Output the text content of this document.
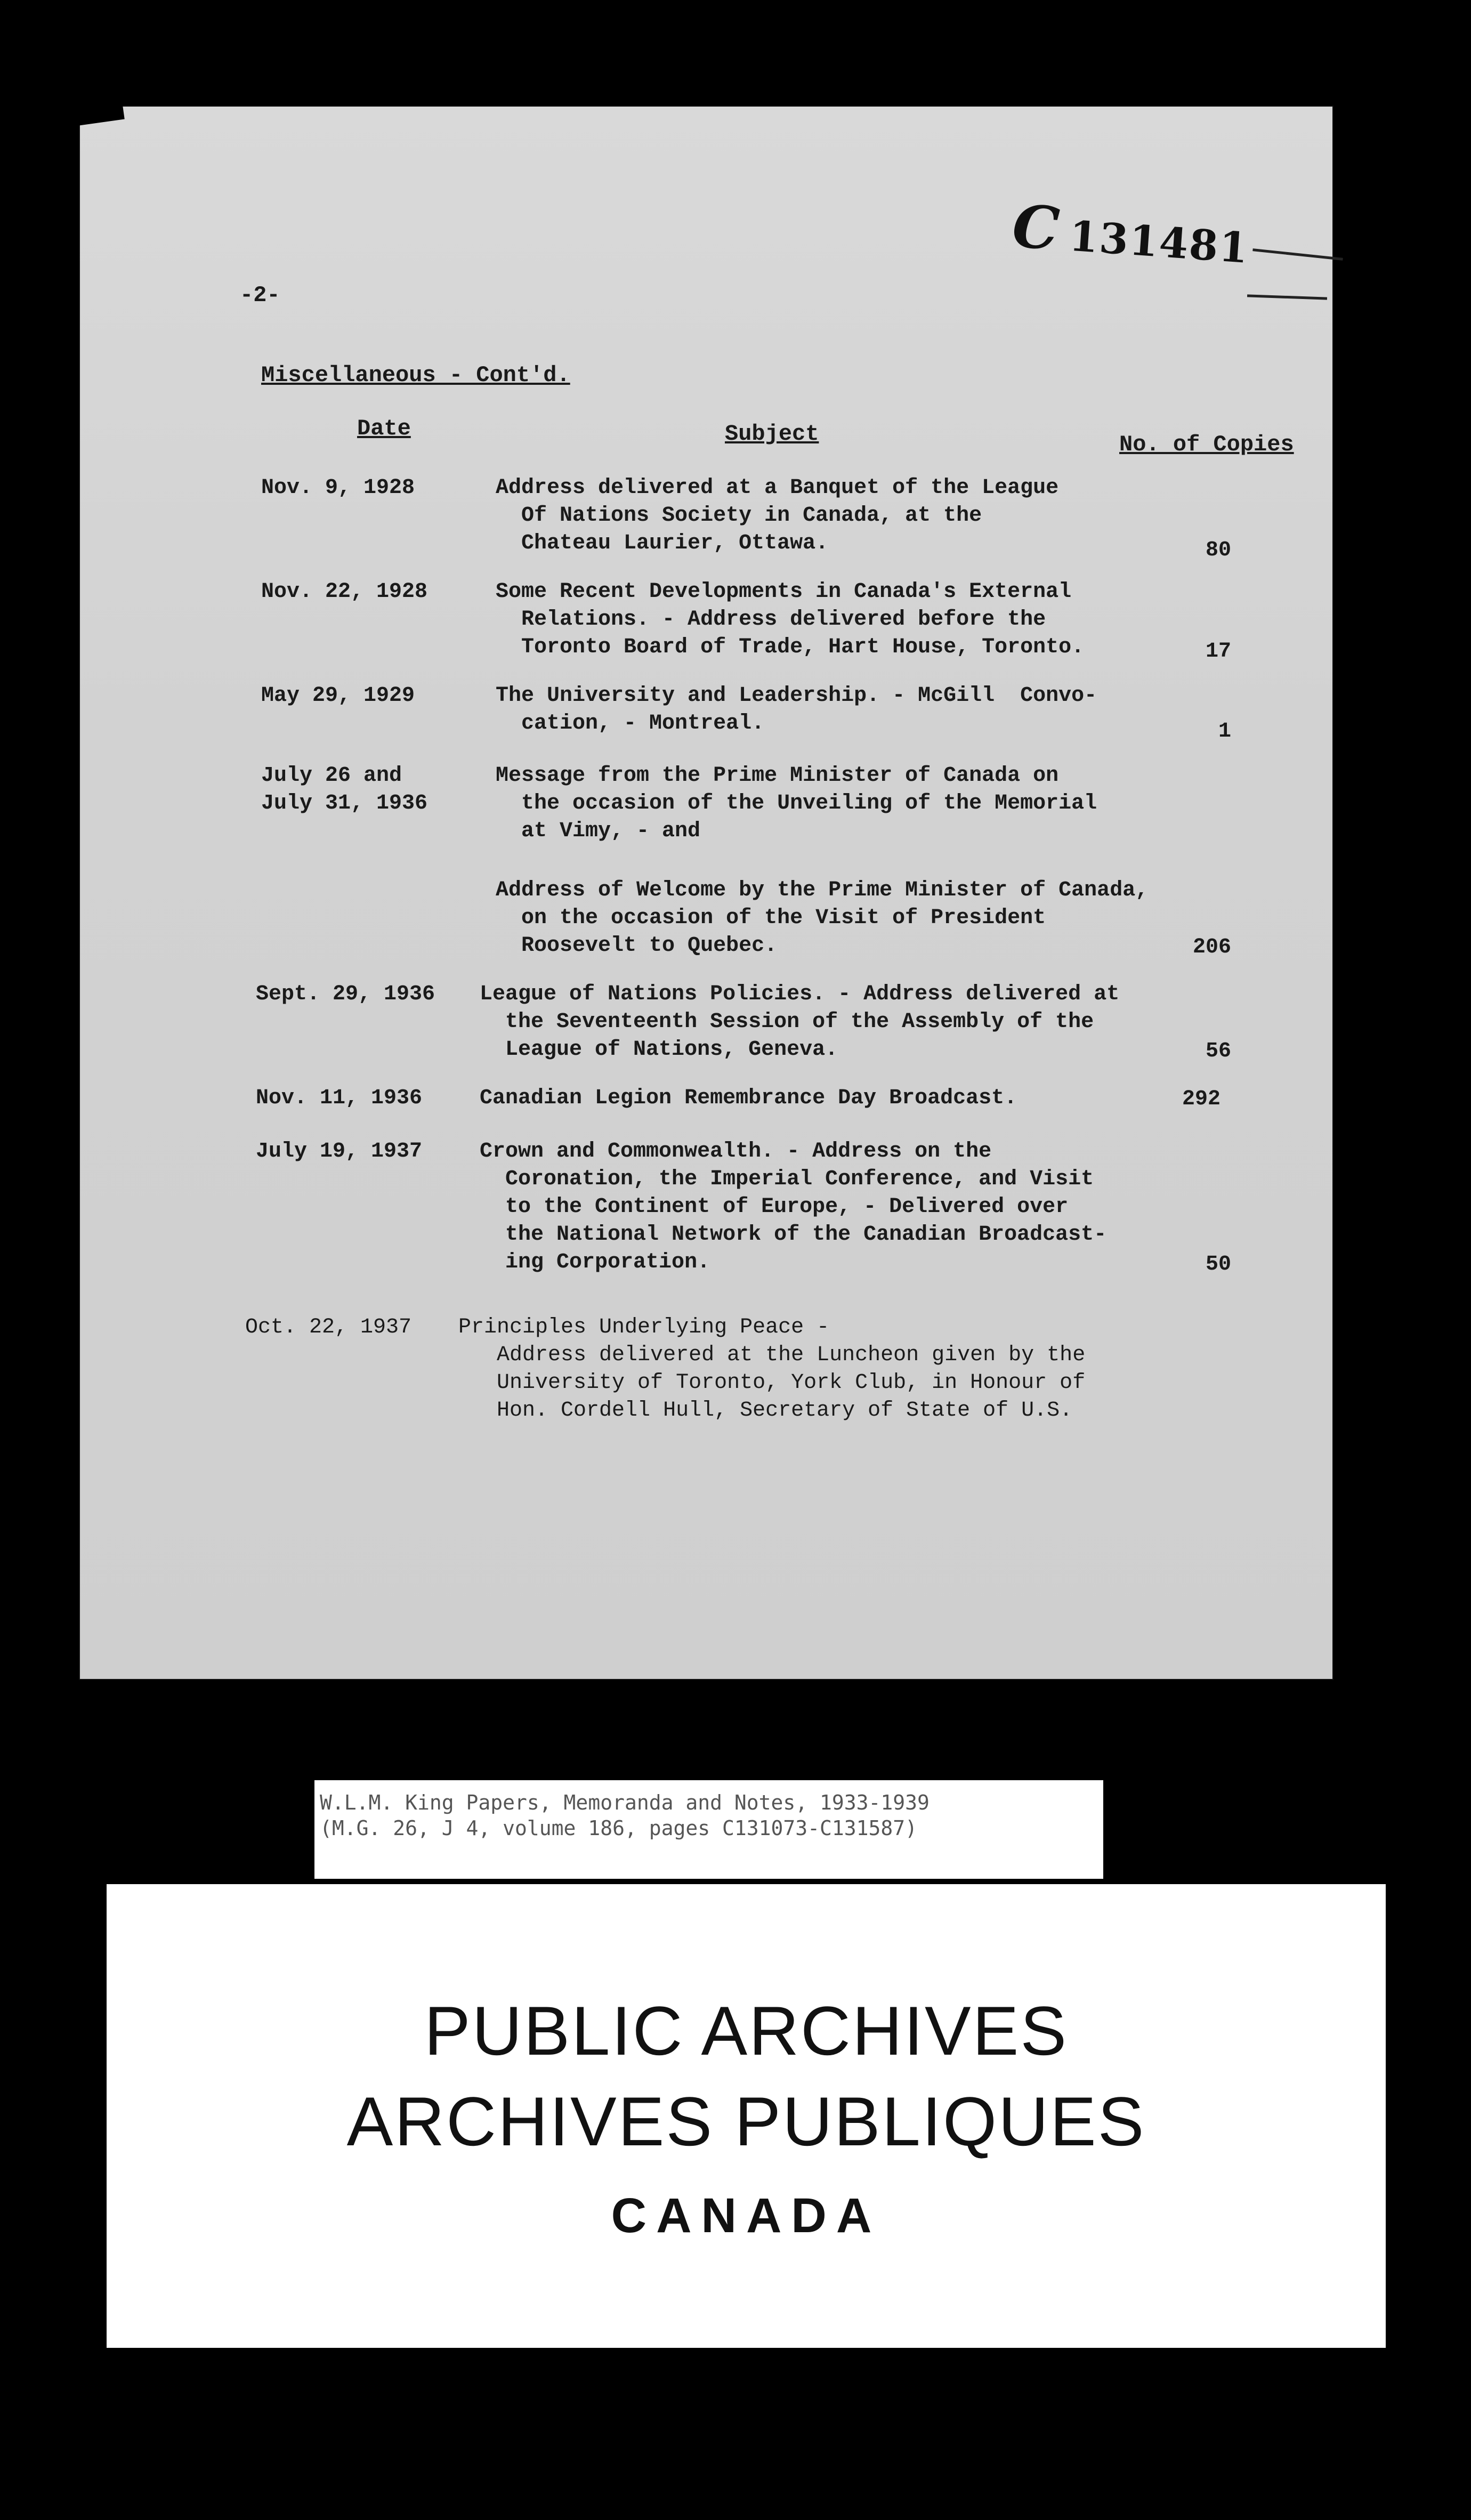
C 131481
-2-
Miscellaneous - Cont'd.
Date	Subject	No. of Copies
Nov. 9, 1928	Address delivered at a Banquet of the League
Of Nations Society in Canada, at the
Chateau Laurier, Ottawa.	80
Nov. 22, 1928	Some Recent Developments in Canada's External
Relations. - Address delivered before the
Toronto Board of Trade, Hart House, Toronto.	17
May 29, 1929	The University and Leadership. - McGill  Convo-
cation, - Montreal.	1
July 26 and
July 31, 1936
Message from the Prime Minister of Canada on
the occasion of the Unveiling of the Memorial
at Vimy, - and
Address of Welcome by the Prime Minister of Canada,
on the occasion of the Visit of President
Roosevelt to Quebec.	206
Sept. 29, 1936 League of Nations Policies. - Address delivered at
the Seventeenth Session of the Assembly of the
League of Nations, Geneva.	56
Nov. 11, 1936	Canadian Legion Remembrance Day Broadcast.	292
July 19, 1937	Crown and Commonwealth. - Address on the
Coronation, the Imperial Conference, and Visit
to the Continent of Europe, - Delivered over
the National Network of the Canadian Broadcast-
ing Corporation.	50
Oct. 22, 1937 Principles Underlying Peace -
Address delivered at the Luncheon given by the
University of Toronto, York Club, in Honour of
Hon. Cordell Hull, Secretary of State of U.S.
W.L.M. King Papers, Memoranda and Notes, 1933-1939
(M.G. 26, J 4, volume 186, pages C131073-C131587)
PUBLIC ARCHIVES
ARCHIVES PUBLIQUES
CANADA
